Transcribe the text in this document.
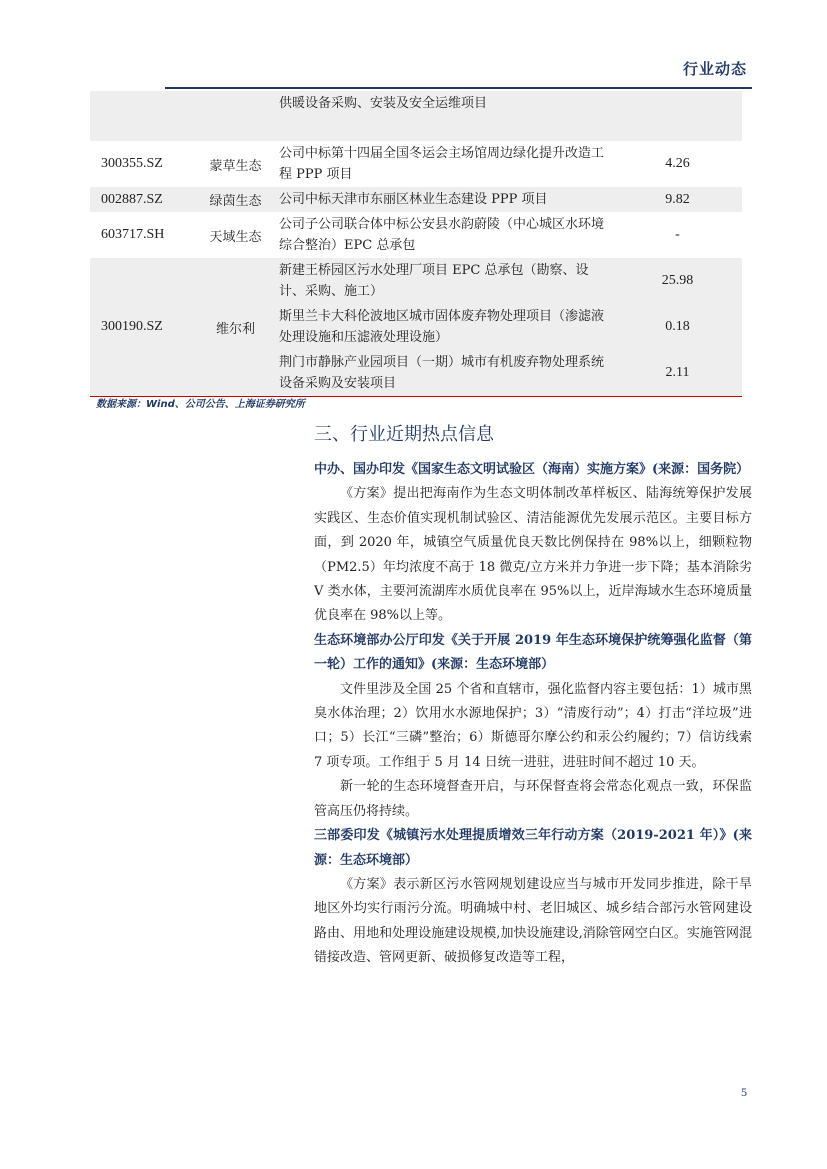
行业动态
		供暖设备采购、安装及安全运维项目	
300355.SZ	蒙草生态	公司中标第十四届全国冬运会主场馆周边绿化提升改造工程 PPP 项目	4.26
002887.SZ	绿茵生态	公司中标天津市东丽区林业生态建设 PPP 项目	9.82
603717.SH	天域生态	公司子公司联合体中标公安县水韵蔚陵（中心城区水环境综合整治）EPC 总承包	-
300190.SZ	维尔利	新建王桥园区污水处理厂项目 EPC 总承包（勘察、设计、采购、施工）	25.98
		斯里兰卡大科伦波地区城市固体废弃物处理项目（渗滤液处理设施和压滤液处理设施）	0.18
		荆门市静脉产业园项目（一期）城市有机废弃物处理系统设备采购及安装项目	2.11
数据来源：Wind、公司公告、上海证券研究所
三、行业近期热点信息

中办、国办印发《国家生态文明试验区（海南）实施方案》(来源：国务院）

《方案》提出把海南作为生态文明体制改革样板区、陆海统筹保护发展实践区、生态价值实现机制试验区、清洁能源优先发展示范区。主要目标方面，到 2020 年，城镇空气质量优良天数比例保持在 98%以上，细颗粒物（PM2.5）年均浓度不高于 18 微克/立方米并力争进一步下降；基本消除劣 V 类水体，主要河流湖库水质优良率在 95%以上，近岸海域水生态环境质量优良率在 98%以上等。

生态环境部办公厅印发《关于开展 2019 年生态环境保护统筹强化监督（第一轮）工作的通知》(来源：生态环境部）

文件里涉及全国 25 个省和直辖市，强化监督内容主要包括：1）城市黑臭水体治理；2）饮用水水源地保护；3）“清废行动”；4）打击“洋垃圾”进口；5）长江“三磷”整治；6）斯德哥尔摩公约和汞公约履约；7）信访线索 7 项专项。工作组于 5 月 14 日统一进驻，进驻时间不超过 10 天。

新一轮的生态环境督查开启，与环保督查将会常态化观点一致，环保监管高压仍将持续。

三部委印发《城镇污水处理提质增效三年行动方案（2019-2021 年）》(来源：生态环境部）

《方案》表示新区污水管网规划建设应当与城市开发同步推进，除干旱地区外均实行雨污分流。明确城中村、老旧城区、城乡结合部污水管网建设路由、用地和处理设施建设规模,加快设施建设,消除管网空白区。实施管网混错接改造、管网更新、破损修复改造等工程，

5
